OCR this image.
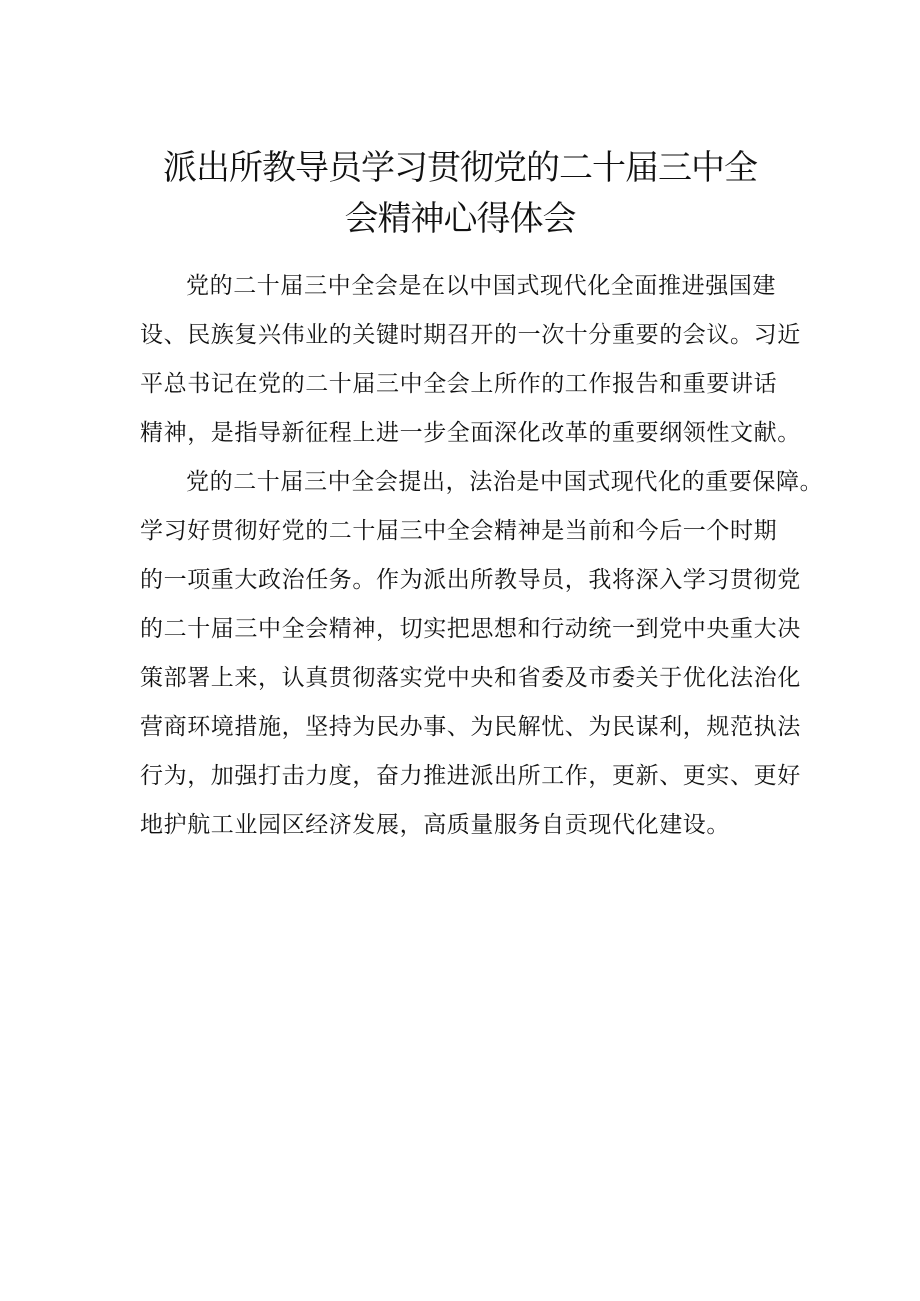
派出所教导员学习贯彻党的二十届三中全
会精神心得体会
党的二十届三中全会是在以中国式现代化全面推进强国建
设、民族复兴伟业的关键时期召开的一次十分重要的会议。习近
平总书记在党的二十届三中全会上所作的工作报告和重要讲话
精神，是指导新征程上进一步全面深化改革的重要纲领性文献。
党的二十届三中全会提出，法治是中国式现代化的重要保障。
学习好贯彻好党的二十届三中全会精神是当前和今后一个时期
的一项重大政治任务。作为派出所教导员，我将深入学习贯彻党
的二十届三中全会精神，切实把思想和行动统一到党中央重大决
策部署上来，认真贯彻落实党中央和省委及市委关于优化法治化
营商环境措施，坚持为民办事、为民解忧、为民谋利，规范执法
行为，加强打击力度，奋力推进派出所工作，更新、更实、更好
地护航工业园区经济发展，高质量服务自贡现代化建设。
